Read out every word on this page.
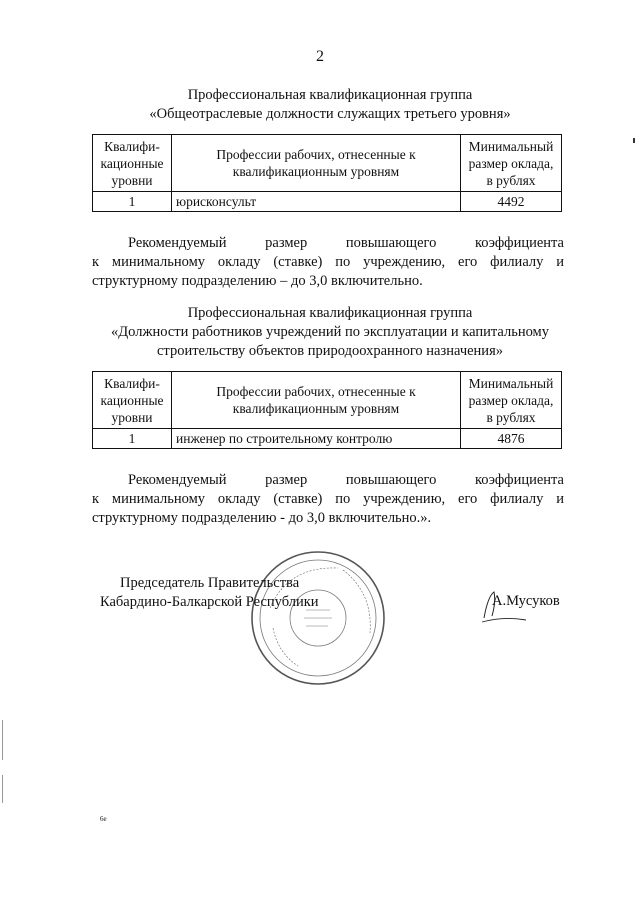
2
Профессиональная квалификационная группа
«Общеотраслевые должности служащих третьего уровня»
Квалифи-кационные уровни	Профессии рабочих, отнесенные к квалификационным уровням	Минимальный размер оклада, в рублях
1	юрисконсульт	4492
Рекомендуемый размер повышающего коэффициента
к минимальному окладу (ставке) по учреждению, его филиалу и структурному подразделению – до 3,0 включительно.
Профессиональная квалификационная группа
«Должности работников учреждений по эксплуатации и капитальному
строительству объектов природоохранного назначения»
Квалифи-кационные уровни	Профессии рабочих, отнесенные к квалификационным уровням	Минимальный размер оклада, в рублях
1	инженер по строительному контролю	4876
Рекомендуемый размер повышающего коэффициента
к минимальному окладу (ставке) по учреждению, его филиалу и структурному подразделению - до 3,0 включительно.».
Председатель Правительства
Кабардино-Балкарской Республики	А.Мусуков
6е
